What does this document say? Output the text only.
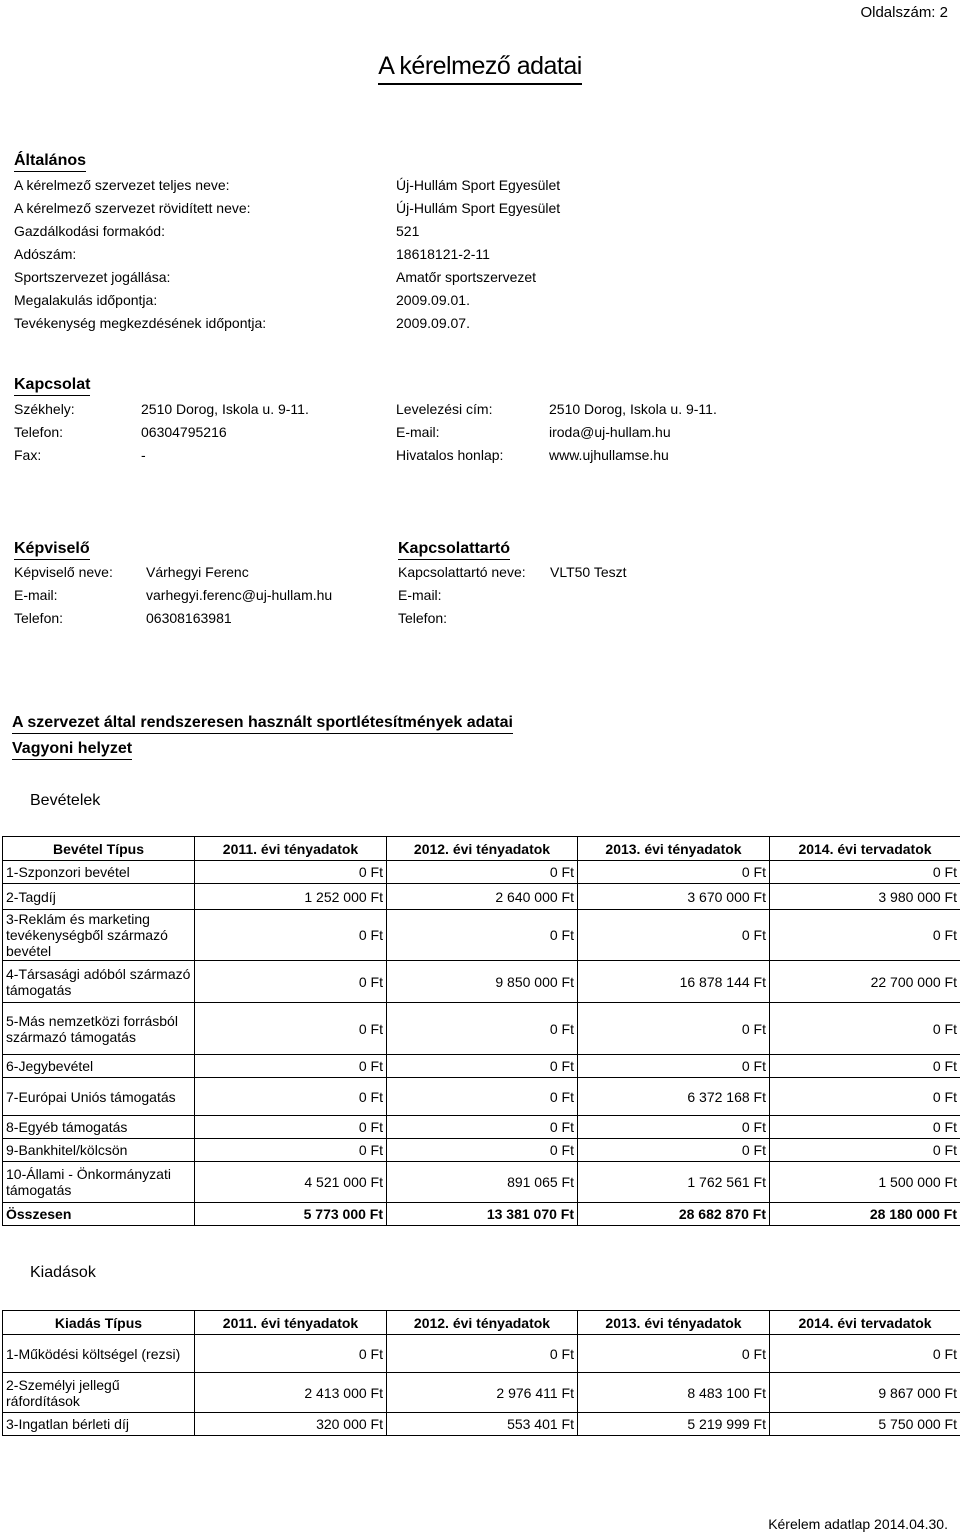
Oldalszám: 2
A kérelmező adatai
Általános
A kérelmező szervezet teljes neve:	Új-Hullám Sport Egyesület
A kérelmező szervezet rövidített neve:	Új-Hullám Sport Egyesület
Gazdálkodási formakód:	521
Adószám:	18618121-2-11
Sportszervezet jogállása:	Amatőr sportszervezet
Megalakulás időpontja:	2009.09.01.
Tevékenység megkezdésének időpontja:	2009.09.07.
Kapcsolat
Székhely:	2510 Dorog, Iskola u. 9-11.
Telefon:	06304795216
Fax:	-
Levelezési cím:	2510 Dorog, Iskola u. 9-11.
E-mail:	iroda@uj-hullam.hu
Hivatalos honlap:	www.ujhullamse.hu
Képviselő	Kapcsolattartó
Képviselő neve: Várhegyi Ferenc
E-mail:	varhegyi.ferenc@uj-hullam.hu
Telefon:	06308163981
Kapcsolattartó neve: VLT50 Teszt
E-mail:
Telefon:
A szervezet által rendszeresen használt sportlétesítmények adatai
Vagyoni helyzet
Bevételek
Bevétel Típus	2011. évi tényadatok	2012. évi tényadatok	2013. évi tényadatok	2014. évi tervadatok
1-Szponzori bevétel	0 Ft	0 Ft	0 Ft	0 Ft
2-Tagdíj	1 252 000 Ft	2 640 000 Ft	3 670 000 Ft	3 980 000 Ft
3-Reklám és marketing tevékenységből származó bevétel	0 Ft	0 Ft	0 Ft	0 Ft
4-Társasági adóból származó támogatás	0 Ft	9 850 000 Ft	16 878 144 Ft	22 700 000 Ft
5-Más nemzetközi forrásból származó támogatás	0 Ft	0 Ft	0 Ft	0 Ft
6-Jegybevétel	0 Ft	0 Ft	0 Ft	0 Ft
7-Európai Uniós támogatás	0 Ft	0 Ft	6 372 168 Ft	0 Ft
8-Egyéb támogatás	0 Ft	0 Ft	0 Ft	0 Ft
9-Bankhitel/kölcsön	0 Ft	0 Ft	0 Ft	0 Ft
10-Állami - Önkormányzati támogatás	4 521 000 Ft	891 065 Ft	1 762 561 Ft	1 500 000 Ft
Összesen	5 773 000 Ft	13 381 070 Ft	28 682 870 Ft	28 180 000 Ft
Kiadások
Kiadás Típus	2011. évi tényadatok	2012. évi tényadatok	2013. évi tényadatok	2014. évi tervadatok
1-Működési költségel (rezsi)	0 Ft	0 Ft	0 Ft	0 Ft
2-Személyi jellegű ráfordítások	2 413 000 Ft	2 976 411 Ft	8 483 100 Ft	9 867 000 Ft
3-Ingatlan bérleti díj	320 000 Ft	553 401 Ft	5 219 999 Ft	5 750 000 Ft
Kérelem adatlap 2014.04.30.
